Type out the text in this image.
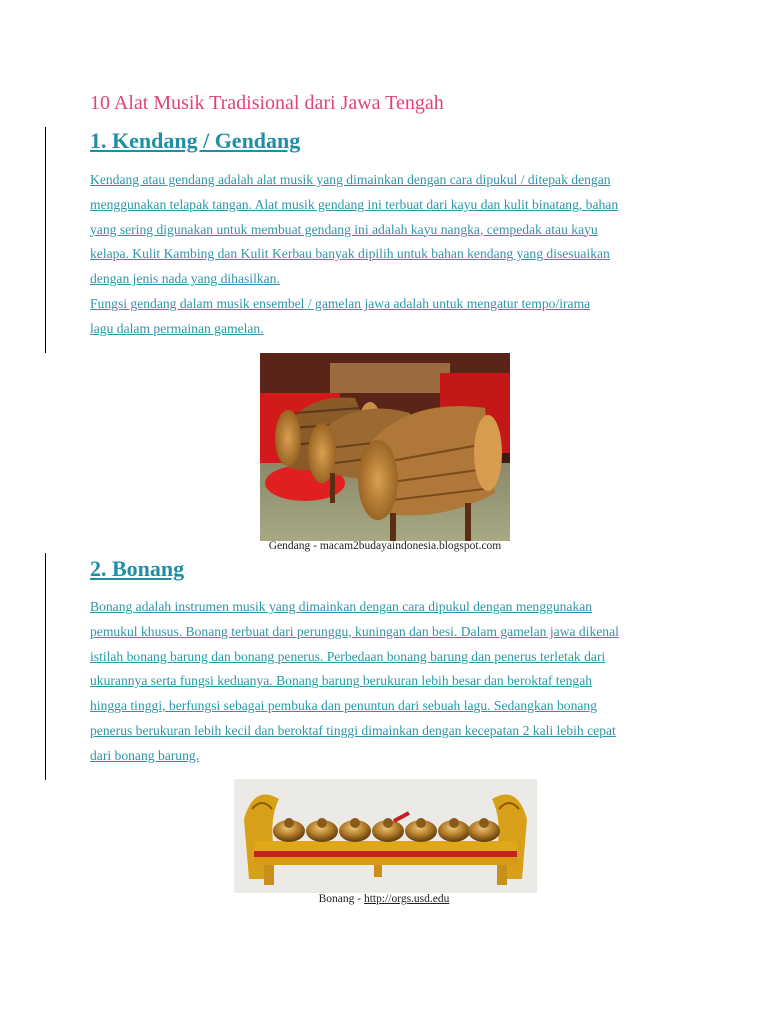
10 Alat Musik Tradisional dari Jawa Tengah
1. Kendang / Gendang
Kendang atau gendang adalah alat musik yang dimainkan dengan cara dipukul / ditepak dengan
menggunakan telapak tangan. Alat musik gendang ini terbuat dari kayu dan kulit binatang, bahan
yang sering digunakan untuk membuat gendang ini adalah kayu nangka, cempedak atau kayu
kelapa. Kulit Kambing dan Kulit Kerbau banyak dipilih untuk bahan kendang yang disesuaikan
dengan jenis nada yang dihasilkan.
Fungsi gendang dalam musik ensembel / gamelan jawa adalah untuk mengatur tempo/irama
lagu dalam permainan gamelan.
Gendang - macam2budayaindonesia.blogspot.com
2. Bonang
Bonang adalah instrumen musik yang dimainkan dengan cara dipukul dengan menggunakan
pemukul khusus. Bonang terbuat dari perunggu, kuningan dan besi. Dalam gamelan jawa dikenal
istilah bonang barung dan bonang penerus. Perbedaan bonang barung dan penerus terletak dari
ukurannya serta fungsi keduanya. Bonang barung berukuran lebih besar dan beroktaf tengah
hingga tinggi, berfungsi sebagai pembuka dan penuntun dari sebuah lagu. Sedangkan bonang
penerus berukuran lebih kecil dan beroktaf tinggi dimainkan dengan kecepatan 2 kali lebih cepat
dari bonang barung.
Bonang - http://orgs.usd.edu
